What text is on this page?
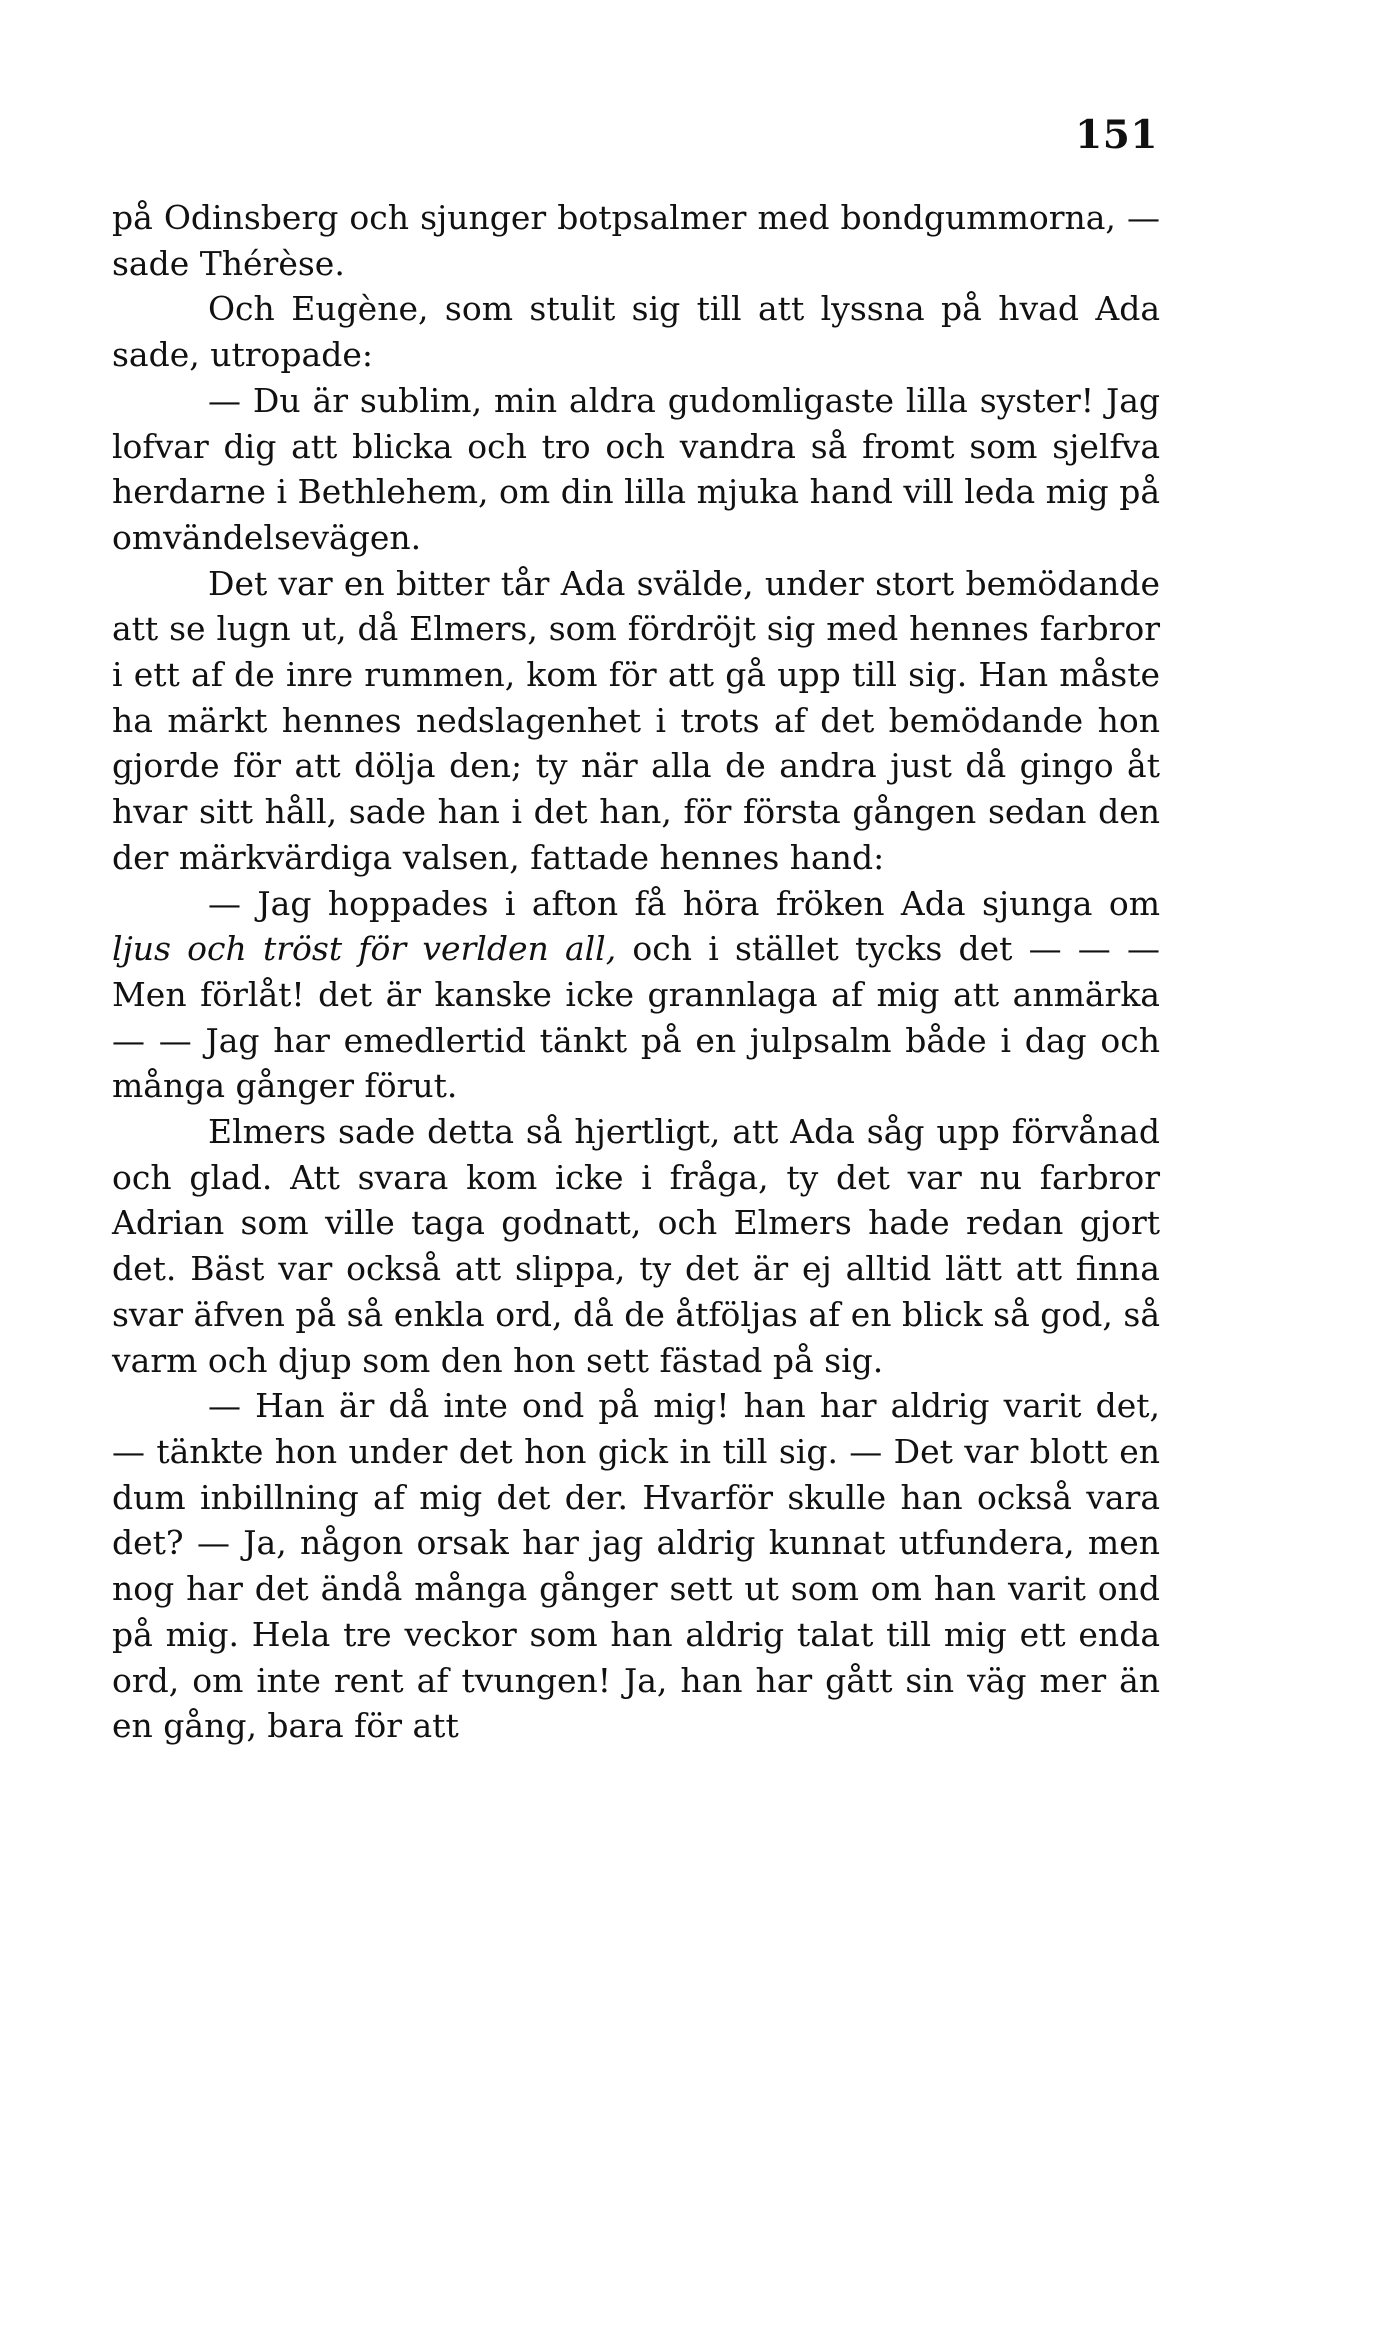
151

på Odinsberg och sjunger botpsalmer med bondgummorna, — sade Thérèse.

Och Eugène, som stulit sig till att lyssna på hvad Ada sade, utropade:

— Du är sublim, min aldra gudomligaste lilla syster! Jag lofvar dig att blicka och tro och vandra så fromt som sjelfva herdarne i Bethlehem, om din lilla mjuka hand vill leda mig på omvändelsevägen.

Det var en bitter tår Ada svälde, under stort bemödande att se lugn ut, då Elmers, som fördröjt sig med hennes farbror i ett af de inre rummen, kom för att gå upp till sig. Han måste ha märkt hennes nedslagenhet i trots af det bemödande hon gjorde för att dölja den; ty när alla de andra just då gingo åt hvar sitt håll, sade han i det han, för första gången sedan den der märkvärdiga valsen, fattade hennes hand:

— Jag hoppades i afton få höra fröken Ada sjunga om ljus och tröst för verlden all, och i stället tycks det — — — Men förlåt! det är kanske icke grannlaga af mig att anmärka — — Jag har emedlertid tänkt på en julpsalm både i dag och många gånger förut.

Elmers sade detta så hjertligt, att Ada såg upp förvånad och glad. Att svara kom icke i fråga, ty det var nu farbror Adrian som ville taga godnatt, och Elmers hade redan gjort det. Bäst var också att slippa, ty det är ej alltid lätt att finna svar äfven på så enkla ord, då de åtföljas af en blick så god, så varm och djup som den hon sett fästad på sig.

— Han är då inte ond på mig! han har aldrig varit det, — tänkte hon under det hon gick in till sig. — Det var blott en dum inbillning af mig det der. Hvarför skulle han också vara det? — Ja, någon orsak har jag aldrig kunnat utfundera, men nog har det ändå många gånger sett ut som om han varit ond på mig. Hela tre veckor som han aldrig talat till mig ett enda ord, om inte rent af tvungen! Ja, han har gått sin väg mer än en gång, bara för att
